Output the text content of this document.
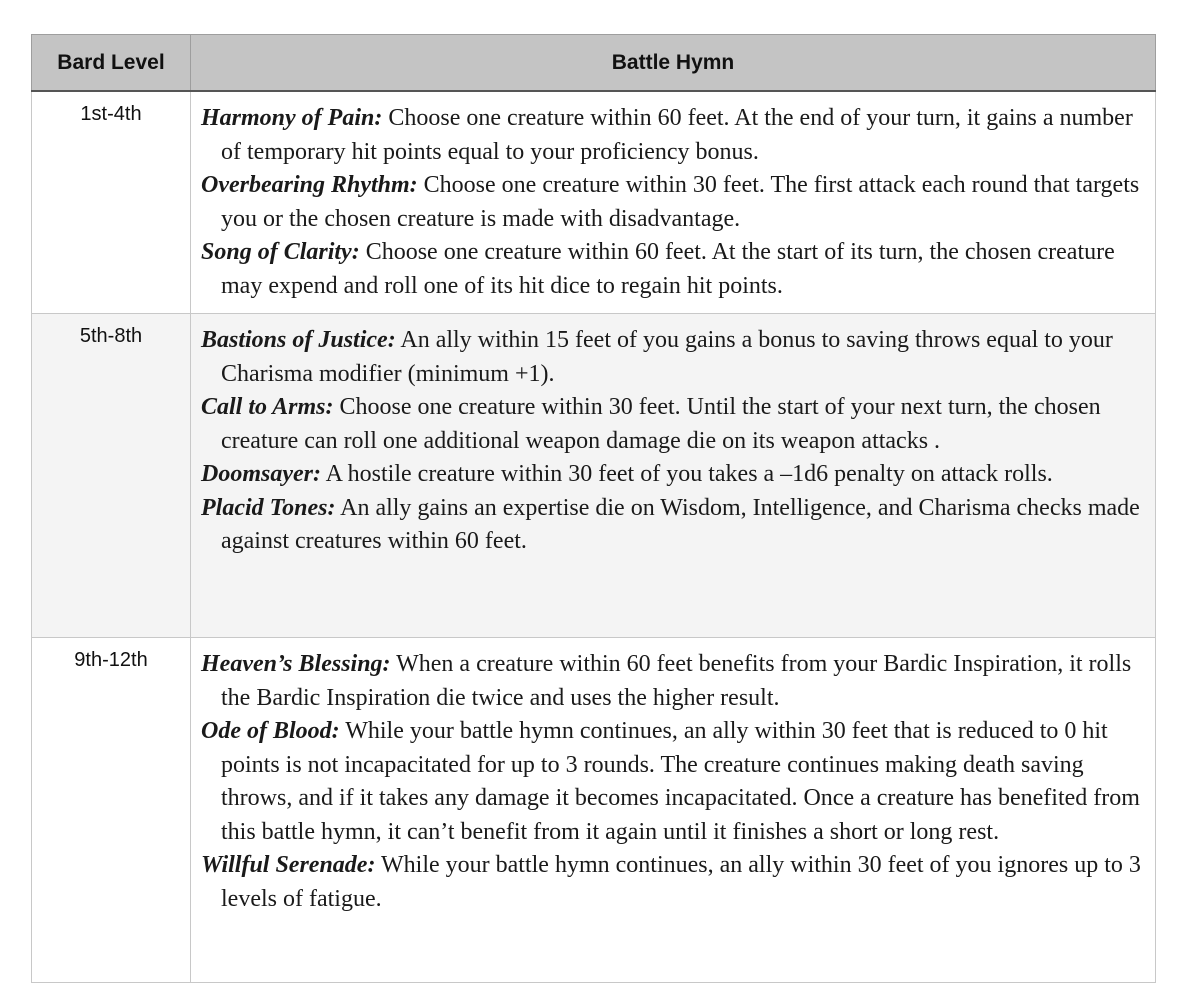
Bard Level	Battle Hymn
1st-4th	Harmony of Pain: Choose one creature within 60 feet. At the end of your turn, it gains a number of temporary hit points equal to your proficiency bonus.

Overbearing Rhythm: Choose one creature within 30 feet. The first attack each round that targets you or the chosen creature is made with disadvantage.

Song of Clarity: Choose one creature within 60 feet. At the start of its turn, the chosen creature may expend and roll one of its hit dice to regain hit points.

5th-8th	Bastions of Justice: An ally within 15 feet of you gains a bonus to saving throws equal to your Charisma modifier (minimum +1).

Call to Arms: Choose one creature within 30 feet. Until the start of your next turn, the chosen creature can roll one additional weapon damage die on its weapon attacks .

Doomsayer: A hostile creature within 30 feet of you takes a –1d6 penalty on attack rolls.

Placid Tones: An ally gains an expertise die on Wisdom, Intelligence, and Charisma checks made against creatures within 60 feet.

9th-12th	Heaven’s Blessing: When a creature within 60 feet benefits from your Bardic Inspiration, it rolls the Bardic Inspiration die twice and uses the higher result.

Ode of Blood: While your battle hymn continues, an ally within 30 feet that is reduced to 0 hit points is not incapacitated for up to 3 rounds. The creature continues making death saving throws, and if it takes any damage it becomes incapacitated. Once a creature has benefited from this battle hymn, it can’t benefit from it again until it finishes a short or long rest.

Willful Serenade: While your battle hymn continues, an ally within 30 feet of you ignores up to 3 levels of fatigue.
